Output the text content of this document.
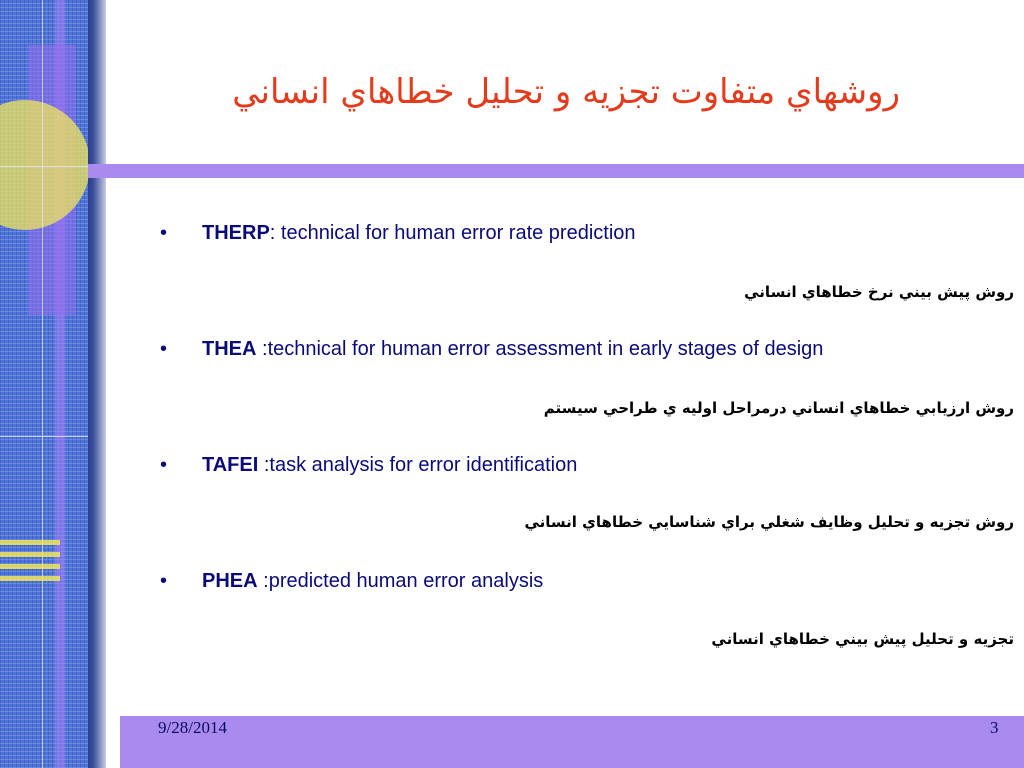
روشهاي متفاوت تجزيه و تحليل خطاهاي انساني
•	THERP: technical for human error rate prediction
روش پيش بيني نرخ خطاهاي انساني
•	THEA :technical for human error assessment in early stages of design
روش ارزيابي خطاهاي انساني درمراحل اوليه ي طراحي سيستم
•	TAFEI :task analysis for error identification
روش تجزيه و تحليل وظايف شغلي براي شناسايي خطاهاي انساني
•	PHEA :predicted human error analysis
تجزيه و تحليل پيش بيني خطاهاي انساني
9/28/2014	3
